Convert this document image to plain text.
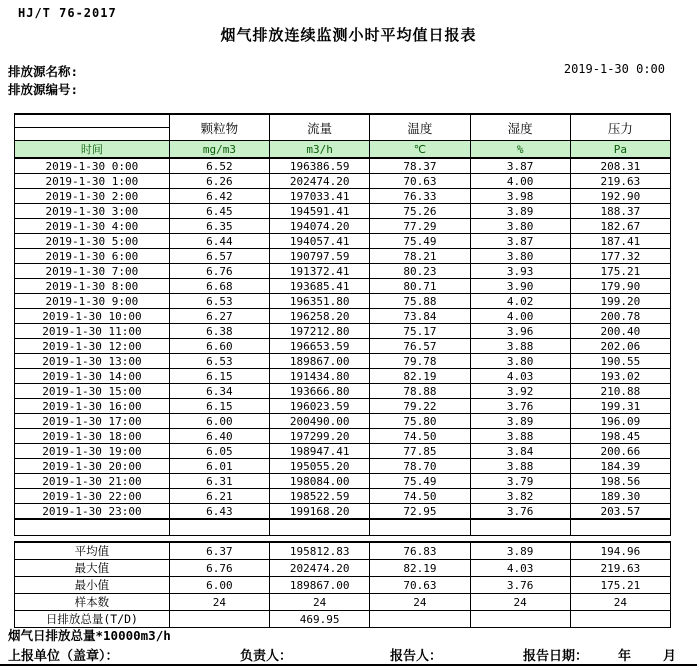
HJ/T 76-2017
烟气排放连续监测小时平均值日报表
排放源名称:
排放源编号:
2019-1-30 0:00
	颗粒物	流量	温度	湿度	压力

时间	mg/m3	m3/h	℃	%	Pa
2019-1-30 0:00	6.52	196386.59	78.37	3.87	208.31
2019-1-30 1:00	6.26	202474.20	70.63	4.00	219.63
2019-1-30 2:00	6.42	197033.41	76.33	3.98	192.90
2019-1-30 3:00	6.45	194591.41	75.26	3.89	188.37
2019-1-30 4:00	6.35	194074.20	77.29	3.80	182.67
2019-1-30 5:00	6.44	194057.41	75.49	3.87	187.41
2019-1-30 6:00	6.57	190797.59	78.21	3.80	177.32
2019-1-30 7:00	6.76	191372.41	80.23	3.93	175.21
2019-1-30 8:00	6.68	193685.41	80.71	3.90	179.90
2019-1-30 9:00	6.53	196351.80	75.88	4.02	199.20
2019-1-30 10:00	6.27	196258.20	73.84	4.00	200.78
2019-1-30 11:00	6.38	197212.80	75.17	3.96	200.40
2019-1-30 12:00	6.60	196653.59	76.57	3.88	202.06
2019-1-30 13:00	6.53	189867.00	79.78	3.80	190.55
2019-1-30 14:00	6.15	191434.80	82.19	4.03	193.02
2019-1-30 15:00	6.34	193666.80	78.88	3.92	210.88
2019-1-30 16:00	6.15	196023.59	79.22	3.76	199.31
2019-1-30 17:00	6.00	200490.00	75.80	3.89	196.09
2019-1-30 18:00	6.40	197299.20	74.50	3.88	198.45
2019-1-30 19:00	6.05	198947.41	77.85	3.84	200.66
2019-1-30 20:00	6.01	195055.20	78.70	3.88	184.39
2019-1-30 21:00	6.31	198084.00	75.49	3.79	198.56
2019-1-30 22:00	6.21	198522.59	74.50	3.82	189.30
2019-1-30 23:00	6.43	199168.20	72.95	3.76	203.57

平均值	6.37	195812.83	76.83	3.89	194.96
最大值	6.76	202474.20	82.19	4.03	219.63
最小值	6.00	189867.00	70.63	3.76	175.21
样本数	24	24	24	24	24
日排放总量(T/D)		469.95			
烟气日排放总量*10000m3/h
上报单位（盖章）：	负责人：	报告人：	报告日期： 年 月
